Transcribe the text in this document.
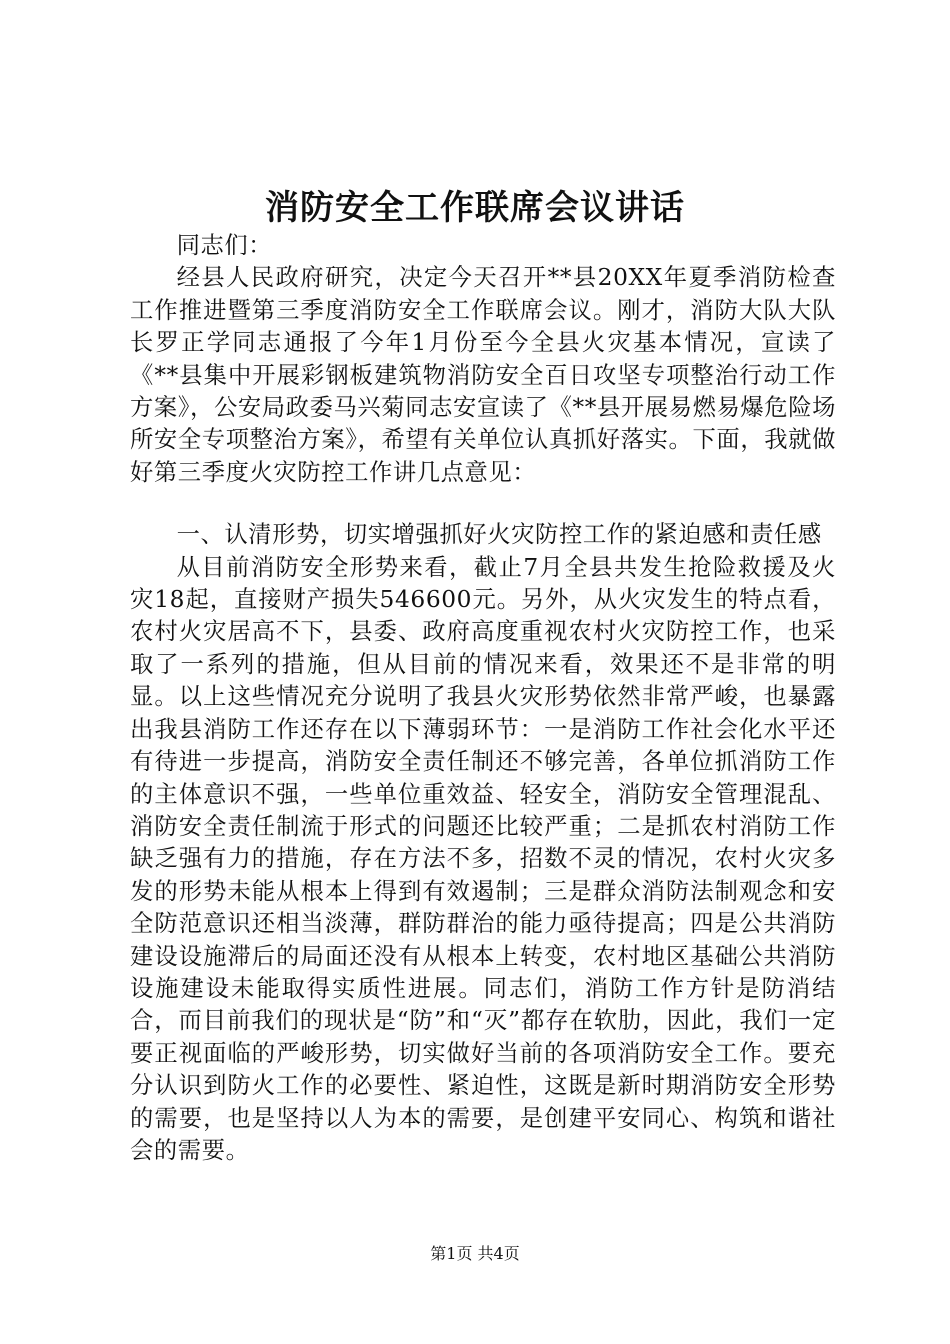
消防安全工作联席会议讲话

同志们：

经县人民政府研究，决定今天召开**县20XX年夏季消防检查工作推进暨第三季度消防安全工作联席会议。刚才，消防大队大队长罗正学同志通报了今年1月份至今全县火灾基本情况，宣读了《**县集中开展彩钢板建筑物消防安全百日攻坚专项整治行动工作方案》，公安局政委马兴菊同志安宣读了《**县开展易燃易爆危险场所安全专项整治方案》，希望有关单位认真抓好落实。下面，我就做好第三季度火灾防控工作讲几点意见：

一、认清形势，切实增强抓好火灾防控工作的紧迫感和责任感

从目前消防安全形势来看，截止7月全县共发生抢险救援及火灾18起，直接财产损失546600元。另外，从火灾发生的特点看，农村火灾居高不下，县委、政府高度重视农村火灾防控工作，也采取了一系列的措施，但从目前的情况来看，效果还不是非常的明显。以上这些情况充分说明了我县火灾形势依然非常严峻，也暴露出我县消防工作还存在以下薄弱环节：一是消防工作社会化水平还有待进一步提高，消防安全责任制还不够完善，各单位抓消防工作的主体意识不强，一些单位重效益、轻安全，消防安全管理混乱、消防安全责任制流于形式的问题还比较严重；二是抓农村消防工作缺乏强有力的措施，存在方法不多，招数不灵的情况，农村火灾多发的形势未能从根本上得到有效遏制；三是群众消防法制观念和安全防范意识还相当淡薄，群防群治的能力亟待提高；四是公共消防建设设施滞后的局面还没有从根本上转变，农村地区基础公共消防设施建设未能取得实质性进展。同志们，消防工作方针是防消结合，而目前我们的现状是“防”和“灭”都存在软肋，因此，我们一定要正视面临的严峻形势，切实做好当前的各项消防安全工作。要充分认识到防火工作的必要性、紧迫性，这既是新时期消防安全形势的需要，也是坚持以人为本的需要，是创建平安同心、构筑和谐社会的需要。

第1页 共4页
